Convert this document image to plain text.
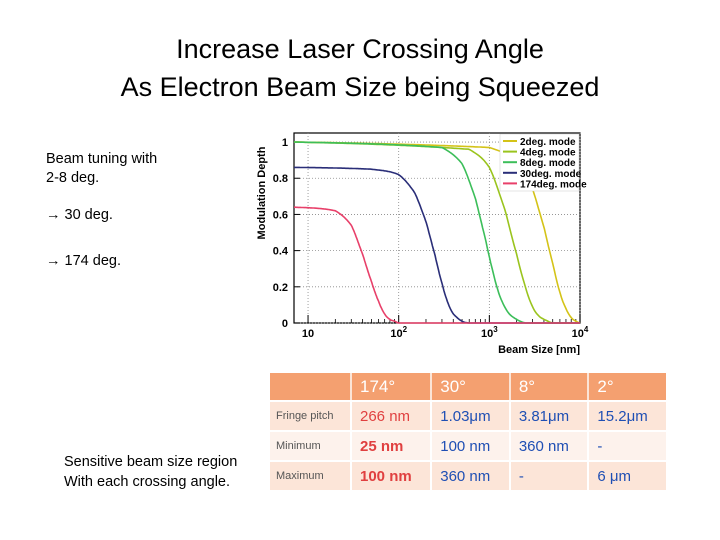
Increase Laser Crossing Angle
As Electron Beam Size being Squeezed
Beam tuning with
2-8 deg.
→ 30 deg.
→ 174 deg.
0
0.2
0.4
0.6
0.8
1
10	$10^2$	$10^3$	$10^4$
Beam Size [nm]
Modulation Depth
2deg. mode
4deg. mode
8deg. mode
30deg. mode
174deg. mode
	174°	30°	8°	2°
Fringe pitch	266 nm	1.03μm	3.81μm	15.2μm
Minimum	25 nm	100 nm	360 nm	-
Maximum	100 nm	360 nm	-	6 μm
Sensitive beam size region
With each crossing angle.
